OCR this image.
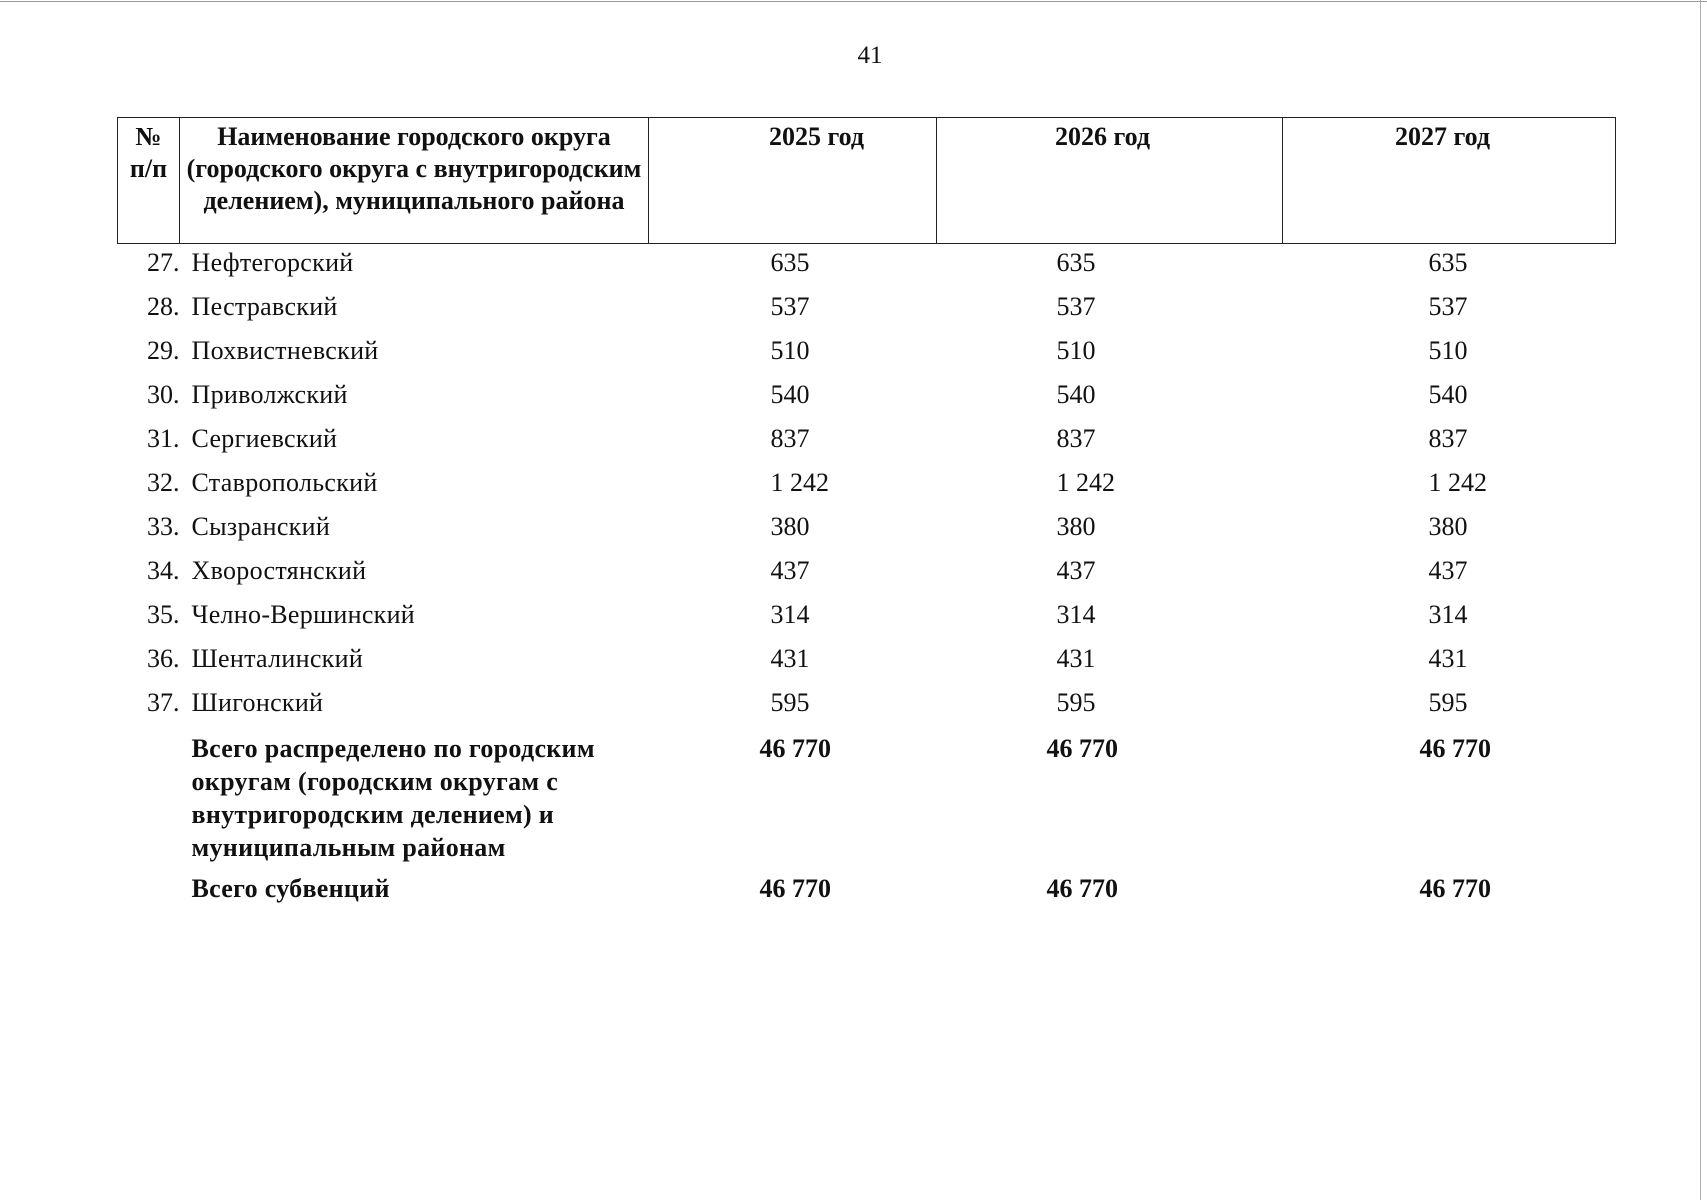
41
№ п/п	Наименование городского округа (городского округа с внутригородским делением), муниципального района	2025 год	2026 год	2027 год
27.	Нефтегорский	635	635	635
28.	Пестравский	537	537	537
29.	Похвистневский	510	510	510
30.	Приволжский	540	540	540
31.	Сергиевский	837	837	837
32.	Ставропольский	1 242	1 242	1 242
33.	Сызранский	380	380	380
34.	Хворостянский	437	437	437
35.	Челно-Вершинский	314	314	314
36.	Шенталинский	431	431	431
37.	Шигонский	595	595	595
	Всего распределено по городским округам (городским округам с внутригородским делением) и муниципальным районам	46 770	46 770	46 770
	Всего субвенций	46 770	46 770	46 770
